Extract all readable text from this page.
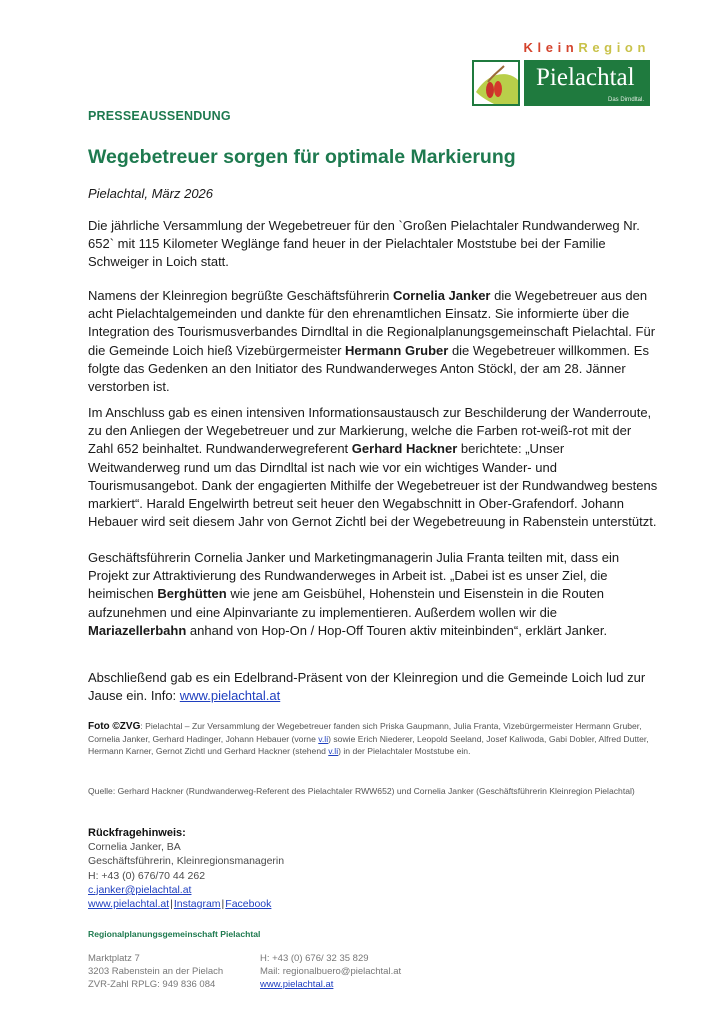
KleinRegion
Pielachtal
Das Dirndltal.
PRESSEAUSSENDUNG
Wegebetreuer sorgen für optimale Markierung
Pielachtal, März 2026

Die jährliche Versammlung der Wegebetreuer für den `Großen Pielachtaler Rundwanderweg Nr. 652` mit 115 Kilometer Weglänge fand heuer in der Pielachtaler Moststube bei der Familie Schweiger in Loich statt.

Namens der Kleinregion begrüßte Geschäftsführerin Cornelia Janker die Wegebetreuer aus den acht Pielachtalgemeinden und dankte für den ehrenamtlichen Einsatz. Sie informierte über die Integration des Tourismusverbandes Dirndltal in die Regionalplanungsgemeinschaft Pielachtal. Für die Gemeinde Loich hieß Vizebürgermeister Hermann Gruber die Wegebetreuer willkommen. Es folgte das Gedenken an den Initiator des Rundwanderweges Anton Stöckl, der am 28. Jänner verstorben ist.

Im Anschluss gab es einen intensiven Informationsaustausch zur Beschilderung der Wanderroute, zu den Anliegen der Wegebetreuer und zur Markierung, welche die Farben rot-weiß-rot mit der Zahl 652 beinhaltet. Rundwanderwegreferent Gerhard Hackner berichtete: „Unser Weitwanderweg rund um das Dirndltal ist nach wie vor ein wichtiges Wander- und Tourismusangebot. Dank der engagierten Mithilfe der Wegebetreuer ist der Rundwandweg bestens markiert“. Harald Engelwirth betreut seit heuer den Wegabschnitt in Ober-Grafendorf. Johann Hebauer wird seit diesem Jahr von Gernot Zichtl bei der Wegebetreuung in Rabenstein unterstützt.

Geschäftsführerin Cornelia Janker und Marketingmanagerin Julia Franta teilten mit, dass ein Projekt zur Attraktivierung des Rundwanderweges in Arbeit ist. „Dabei ist es unser Ziel, die heimischen Berghütten wie jene am Geisbühel, Hohenstein und Eisenstein in die Routen aufzunehmen und eine Alpinvariante zu implementieren. Außerdem wollen wir die Mariazellerbahn anhand von Hop-On / Hop-Off Touren aktiv miteinbinden“, erklärt Janker.

Abschließend gab es ein Edelbrand-Präsent von der Kleinregion und die Gemeinde Loich lud zur Jause ein. Info: www.pielachtal.at

Foto ©ZVG: Pielachtal – Zur Versammlung der Wegebetreuer fanden sich Priska Gaupmann, Julia Franta, Vizebürgermeister Hermann Gruber, Cornelia Janker, Gerhard Hadinger, Johann Hebauer (vorne v.li) sowie Erich Niederer, Leopold Seeland, Josef Kaliwoda, Gabi Dobler, Alfred Dutter, Hermann Karner, Gernot Zichtl und Gerhard Hackner (stehend v.li) in der Pielachtaler Moststube ein.

Quelle: Gerhard Hackner (Rundwanderweg-Referent des Pielachtaler RWW652) und Cornelia Janker (Geschäftsführerin Kleinregion Pielachtal)

Rückfragehinweis:
Cornelia Janker, BA
Geschäftsführerin, Kleinregionsmanagerin
H: +43 (0) 676/70 44 262
c.janker@pielachtal.at
www.pielachtal.at|Instagram|Facebook
Regionalplanungsgemeinschaft Pielachtal
Marktplatz 7
3203 Rabenstein an der Pielach
ZVR-Zahl RPLG: 949 836 084
H: +43 (0) 676/ 32 35 829
Mail: regionalbuero@pielachtal.at
www.pielachtal.at
